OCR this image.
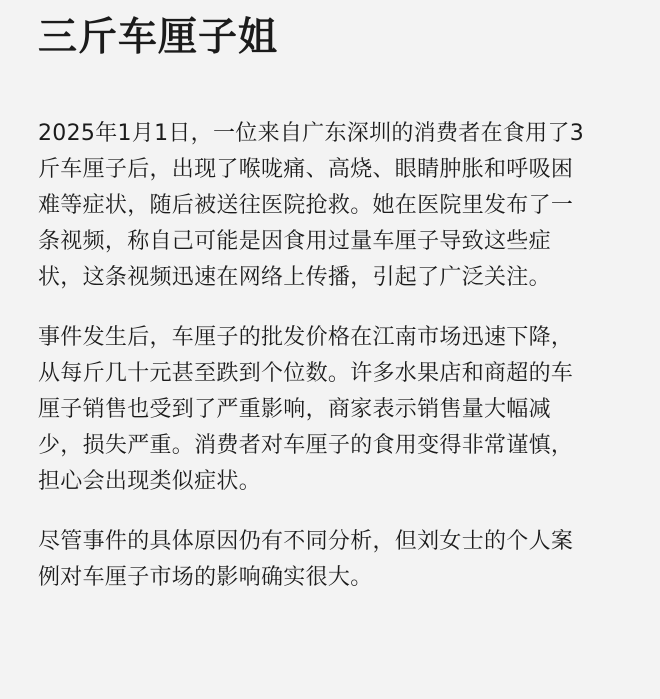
三斤车厘子姐

2025年1月1日，一位来自广东深圳的消费者在食用了3
斤车厘子后，出现了喉咙痛、高烧、眼睛肿胀和呼吸困
难等症状，随后被送往医院抢救。她在医院里发布了一
条视频，称自己可能是因食用过量车厘子导致这些症
状，这条视频迅速在网络上传播，引起了广泛关注。

事件发生后，车厘子的批发价格在江南市场迅速下降，
从每斤几十元甚至跌到个位数。许多水果店和商超的车
厘子销售也受到了严重影响，商家表示销售量大幅减
少，损失严重。消费者对车厘子的食用变得非常谨慎，
担心会出现类似症状。

尽管事件的具体原因仍有不同分析，但刘女士的个人案
例对车厘子市场的影响确实很大。
